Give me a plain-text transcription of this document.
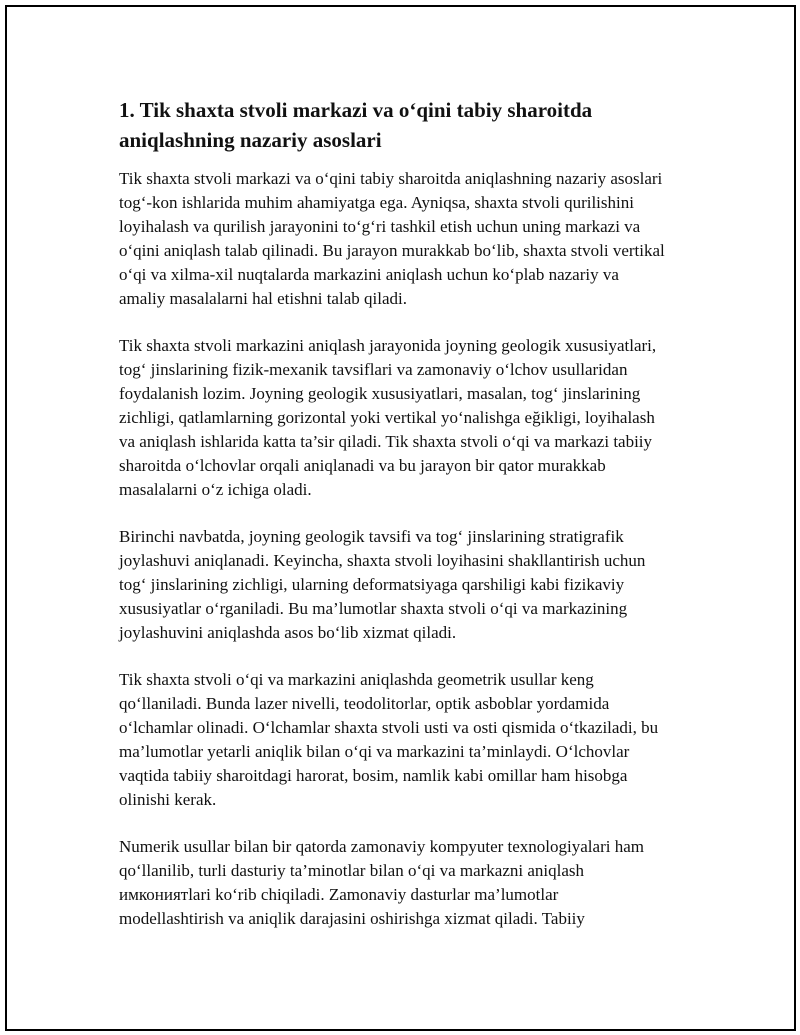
1. Tik shaxta stvoli markazi va o‘qini tabiy sharoitda aniqlashning nazariy asoslari

Tik shaxta stvoli markazi va o‘qini tabiy sharoitda aniqlashning nazariy asoslari tog‘-kon ishlarida muhim ahamiyatga ega. Ayniqsa, shaxta stvoli qurilishini loyihalash va qurilish jarayonini to‘g‘ri tashkil etish uchun uning markazi va o‘qini aniqlash talab qilinadi. Bu jarayon murakkab bo‘lib, shaxta stvoli vertikal o‘qi va xilma-xil nuqtalarda markazini aniqlash uchun ko‘plab nazariy va amaliy masalalarni hal etishni talab qiladi.

Tik shaxta stvoli markazini aniqlash jarayonida joyning geologik xususiyatlari, tog‘ jinslarining fizik-mexanik tavsiflari va zamonaviy o‘lchov usullaridan foydalanish lozim. Joyning geologik xususiyatlari, masalan, tog‘ jinslarining zichligi, qatlamlarning gorizontal yoki vertikal yo‘nalishga eğikligi, loyihalash va aniqlash ishlarida katta ta’sir qiladi. Tik shaxta stvoli o‘qi va markazi tabiiy sharoitda o‘lchovlar orqali aniqlanadi va bu jarayon bir qator murakkab masalalarni o‘z ichiga oladi.

Birinchi navbatda, joyning geologik tavsifi va tog‘ jinslarining stratigrafik joylashuvi aniqlanadi. Keyincha, shaxta stvoli loyihasini shakllantirish uchun tog‘ jinslarining zichligi, ularning deformatsiyaga qarshiligi kabi fizikaviy xususiyatlar o‘rganiladi. Bu ma’lumotlar shaxta stvoli o‘qi va markazining joylashuvini aniqlashda asos bo‘lib xizmat qiladi.

Tik shaxta stvoli o‘qi va markazini aniqlashda geometrik usullar keng qo‘llaniladi. Bunda lazer nivelli, teodolitorlar, optik asboblar yordamida o‘lchamlar olinadi. O‘lchamlar shaxta stvoli usti va osti qismida o‘tkaziladi, bu ma’lumotlar yetarli aniqlik bilan o‘qi va markazini ta’minlaydi. O‘lchovlar vaqtida tabiiy sharoitdagi harorat, bosim, namlik kabi omillar ham hisobga olinishi kerak.

Numerik usullar bilan bir qatorda zamonaviy kompyuter texnologiyalari ham qo‘llanilib, turli dasturiy ta’minotlar bilan o‘qi va markazni aniqlash имкониятlari ko‘rib chiqiladi. Zamonaviy dasturlar ma’lumotlar modellashtirish va aniqlik darajasini oshirishga xizmat qiladi. Tabiiy
